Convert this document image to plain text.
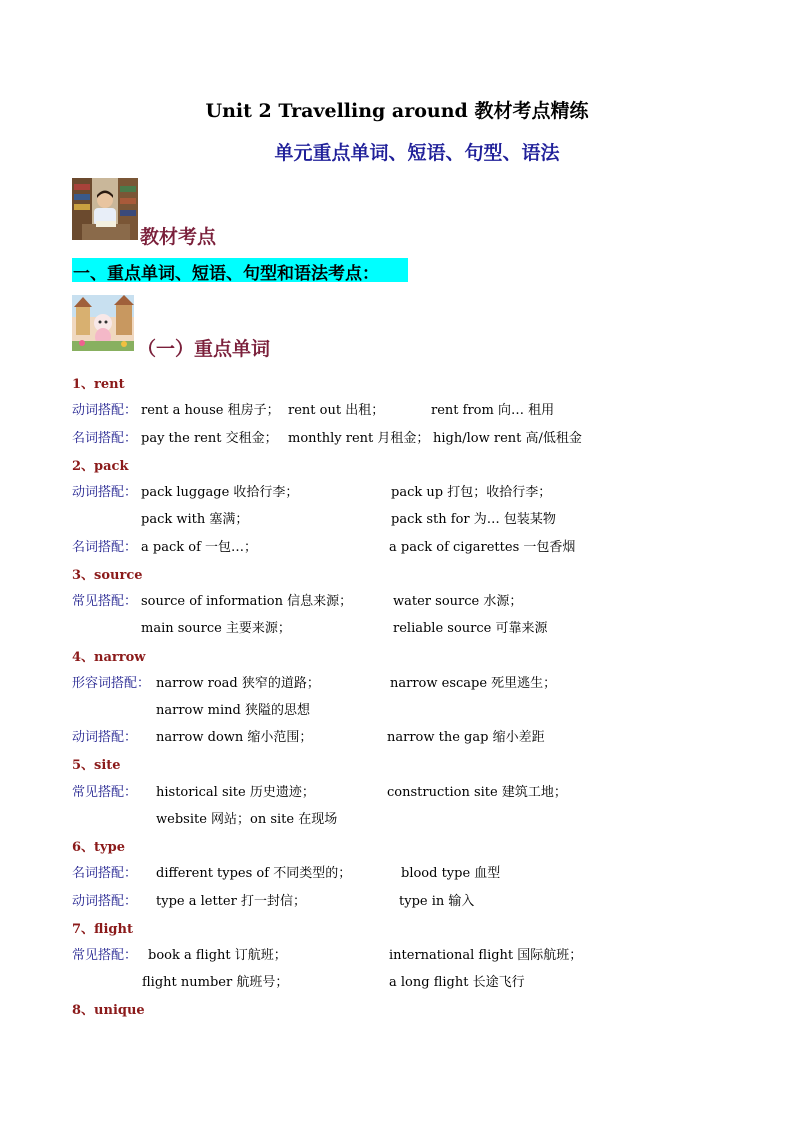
Unit 2 Travelling around 教材考点精练
单元重点单词、短语、句型、语法
教材考点
一、重点单词、短语、句型和语法考点：
（一）重点单词
1、rent
动词搭配： rent a house 租房子； rent out 出租；	rent from 向… 租用
名词搭配： pay the rent 交租金； monthly rent 月租金； high/low rent 高/低租金
2、pack
动词搭配： pack luggage 收拾行李；	pack up 打包；收拾行李；
pack with 塞满；	pack sth for 为… 包装某物
名词搭配： a pack of 一包…；	a pack of cigarettes 一包香烟
3、source
常见搭配： source of information 信息来源；	water source 水源；
main source 主要来源；	reliable source 可靠来源
4、narrow
形容词搭配： narrow road 狭窄的道路；	narrow escape 死里逃生；
narrow mind 狭隘的思想
动词搭配： narrow down 缩小范围；	narrow the gap 缩小差距
5、site
常见搭配： historical site 历史遗迹；	construction site 建筑工地；
website 网站；on site 在现场
6、type
名词搭配： different types of 不同类型的；	blood type 血型
动词搭配： type a letter 打一封信；	type in 输入
7、flight
常见搭配： book a flight 订航班；	international flight 国际航班；
flight number 航班号；	a long flight 长途飞行
8、unique
